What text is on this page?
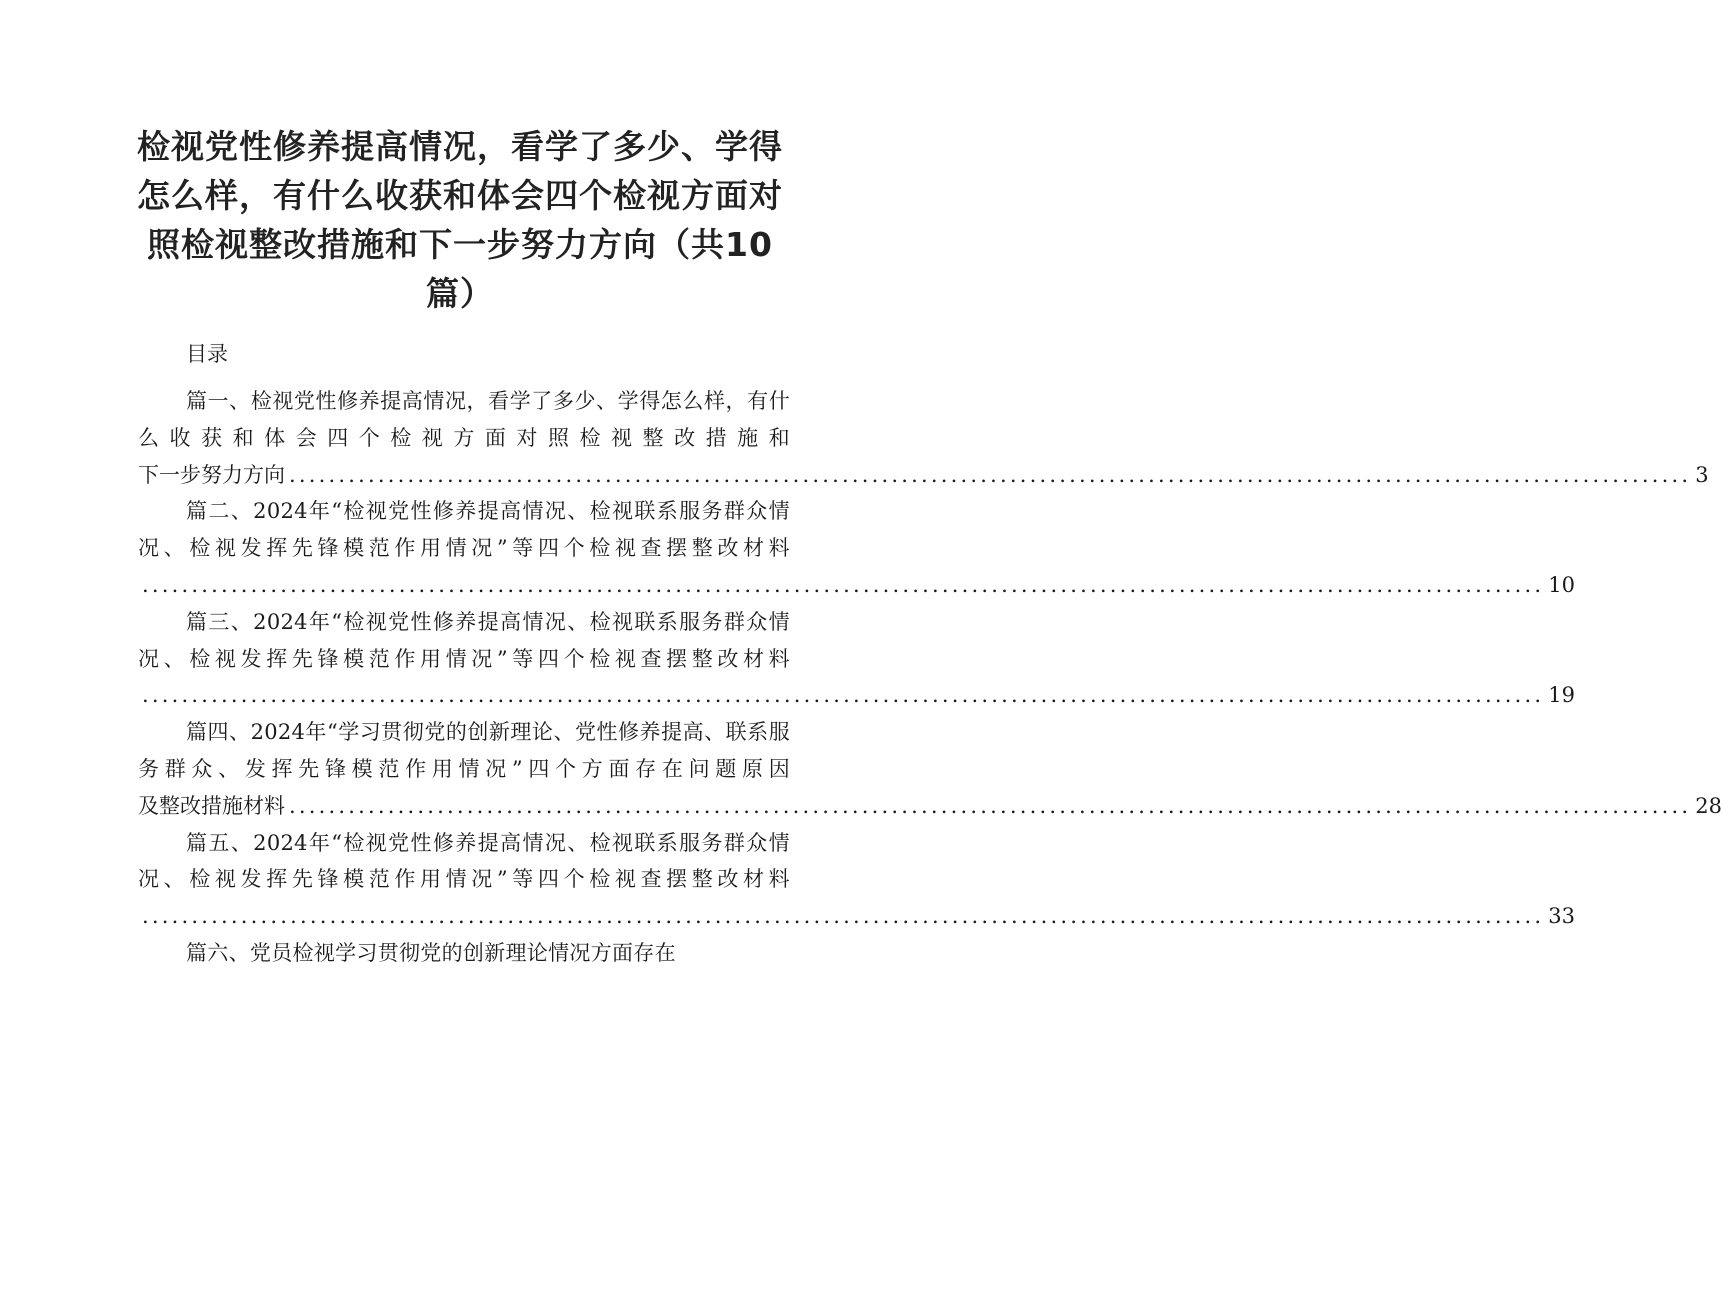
检视党性修养提高情况，看学了多少、学得怎么样，有什么收获和体会四个检视方面对照检视整改措施和下一步努力方向（共10篇）
目录
篇一、检视党性修养提高情况，看学了多少、学得怎么样，有什么收获和体会四个检视方面对照检视整改措施和
下一步努力方向 .............................................................................................................................................. 3
篇二、2024年“检视党性修养提高情况、检视联系服务群众情况、检视发挥先锋模范作用情况”等四个检视查摆整改材料
.............................................................................................................................................. 10
篇三、2024年“检视党性修养提高情况、检视联系服务群众情况、检视发挥先锋模范作用情况”等四个检视查摆整改材料
.............................................................................................................................................. 19
篇四、2024年“学习贯彻党的创新理论、党性修养提高、联系服务群众、发挥先锋模范作用情况”四个方面存在问题原因
及整改措施材料 .............................................................................................................................................. 28
篇五、2024年“检视党性修养提高情况、检视联系服务群众情况、检视发挥先锋模范作用情况”等四个检视查摆整改材料
.............................................................................................................................................. 33
篇六、党员检视学习贯彻党的创新理论情况方面存在
